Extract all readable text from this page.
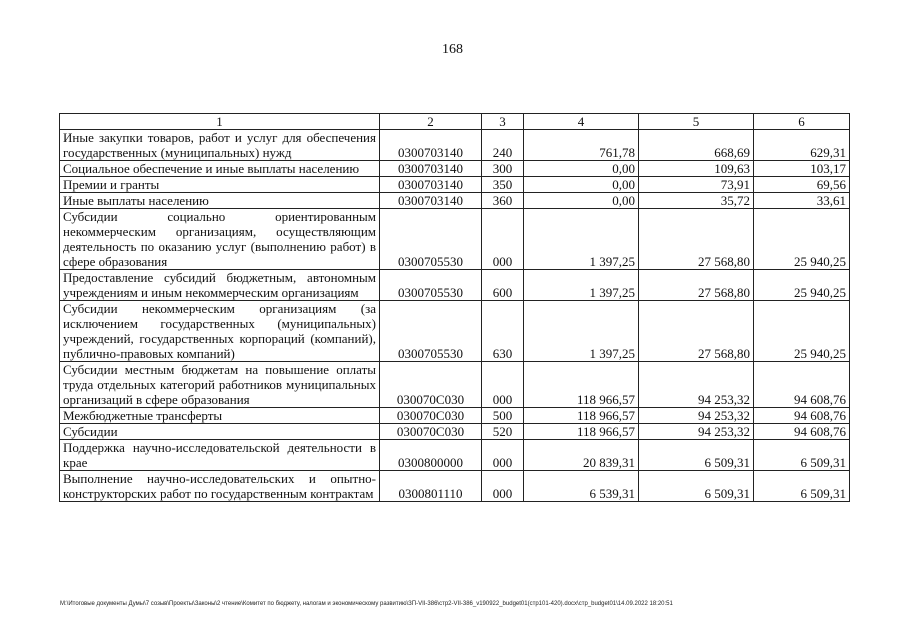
168
1	2	3	4	5	6
Иные закупки товаров, работ и услуг для обеспечения государственных (муниципальных) нужд	0300703140	240	761,78	668,69	629,31
Социальное обеспечение и иные выплаты населению	0300703140	300	0,00	109,63	103,17
Премии и гранты	0300703140	350	0,00	73,91	69,56
Иные выплаты населению	0300703140	360	0,00	35,72	33,61
Субсидии социально ориентированным некоммерческим организациям, осуществляющим деятельность по оказанию услуг (выполнению работ) в сфере образования	0300705530	000	1 397,25	27 568,80	25 940,25
Предоставление субсидий бюджетным, автономным учреждениям и иным некоммерческим организациям	0300705530	600	1 397,25	27 568,80	25 940,25
Субсидии некоммерческим организациям (за исключением государственных (муниципальных) учреждений, государственных корпораций (компаний), публично-правовых компаний)	0300705530	630	1 397,25	27 568,80	25 940,25
Субсидии местным бюджетам на повышение оплаты труда отдельных категорий работников муниципальных организаций в сфере образования	030070С030	000	118 966,57	94 253,32	94 608,76
Межбюджетные трансферты	030070С030	500	118 966,57	94 253,32	94 608,76
Субсидии	030070С030	520	118 966,57	94 253,32	94 608,76
Поддержка научно-исследовательской деятельности в крае	0300800000	000	20 839,31	6 509,31	6 509,31
Выполнение научно-исследовательских и опытно-конструкторских работ по государственным контрактам	0300801110	000	6 539,31	6 509,31	6 509,31
M:\Итоговые документы Думы\7 созыв\Проекты\Законы\2 чтение\Комитет по бюджету, налогам и экономическому развитию\ЗП-VII-386\стр2-VII-386_v190922_budget01(стр101-420).docx\стр_budget01\14.09.2022 18:20:51
